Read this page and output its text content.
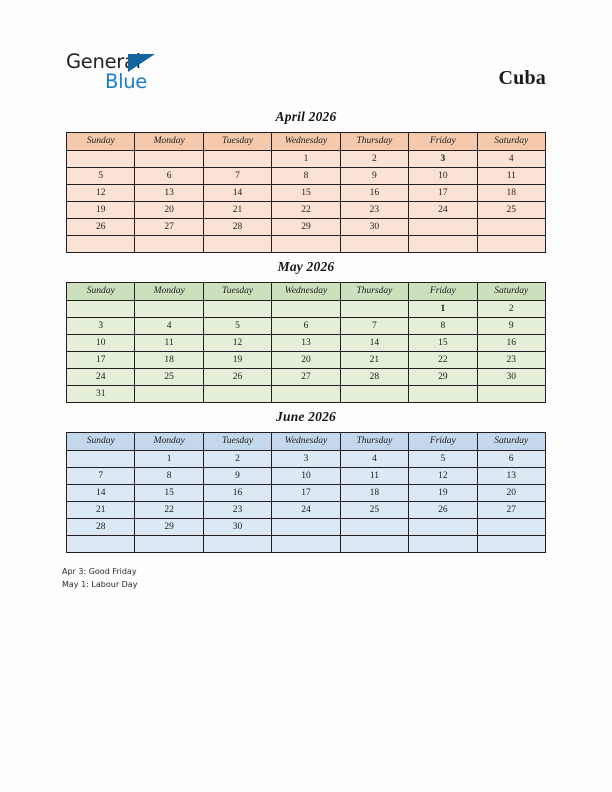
General
Blue	Cuba
April 2026
Sunday	Monday	Tuesday	Wednesday	Thursday	Friday	Saturday
			1	2	3	4
5	6	7	8	9	10	11
12	13	14	15	16	17	18
19	20	21	22	23	24	25
26	27	28	29	30		

May 2026
Sunday	Monday	Tuesday	Wednesday	Thursday	Friday	Saturday
					1	2
3	4	5	6	7	8	9
10	11	12	13	14	15	16
17	18	19	20	21	22	23
24	25	26	27	28	29	30
31						
June 2026
Sunday	Monday	Tuesday	Wednesday	Thursday	Friday	Saturday
	1	2	3	4	5	6
7	8	9	10	11	12	13
14	15	16	17	18	19	20
21	22	23	24	25	26	27
28	29	30				

Apr 3: Good Friday
May 1: Labour Day
